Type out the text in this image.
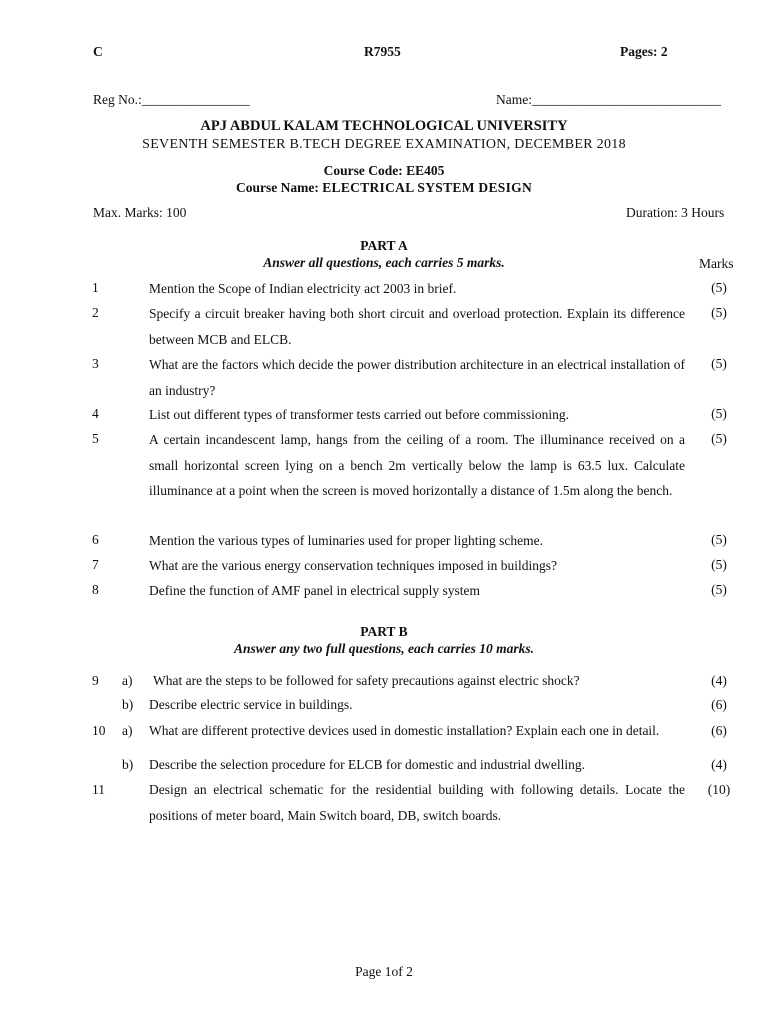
C	R7955	Pages: 2
Reg No.:________________	Name:____________________________
APJ ABDUL KALAM TECHNOLOGICAL UNIVERSITY
SEVENTH SEMESTER B.TECH DEGREE EXAMINATION, DECEMBER 2018
Course Code: EE405
Course Name: ELECTRICAL SYSTEM DESIGN
Max. Marks: 100	Duration: 3 Hours
PART A
Answer all questions, each carries 5 marks.	Marks
1	Mention the Scope of Indian electricity act 2003 in brief.	(5)
2	Specify a circuit breaker having both short circuit and overload protection. Explain its difference between MCB and ELCB.
(5)
3	What are the factors which decide the power distribution architecture in an electrical installation of an industry?
(5)
4	List out different types of transformer tests carried out before commissioning.	(5)
5	A certain incandescent lamp, hangs from the ceiling of a room. The illuminance received on a small horizontal screen lying on a bench 2m vertically below the lamp is 63.5 lux. Calculate illuminance at a point when the screen is moved horizontally a distance of 1.5m along the bench.
(5)
6	Mention the various types of luminaries used for proper lighting scheme.	(5)
7	What are the various energy conservation techniques imposed in buildings?	(5)
8	Define the function of AMF panel in electrical supply system	(5)
PART B
Answer any two full questions, each carries 10 marks.
9 a) What are the steps to be followed for safety precautions against electric shock?	(4)
b) Describe electric service in buildings.	(6)
10 a) What are different protective devices used in domestic installation? Explain each one in detail.	(6)
b) Describe the selection procedure for ELCB for domestic and industrial dwelling.	(4)
11	Design an electrical schematic for the residential building with following details. Locate the positions of meter board, Main Switch board, DB, switch boards.
(10)
Page 1of 2
